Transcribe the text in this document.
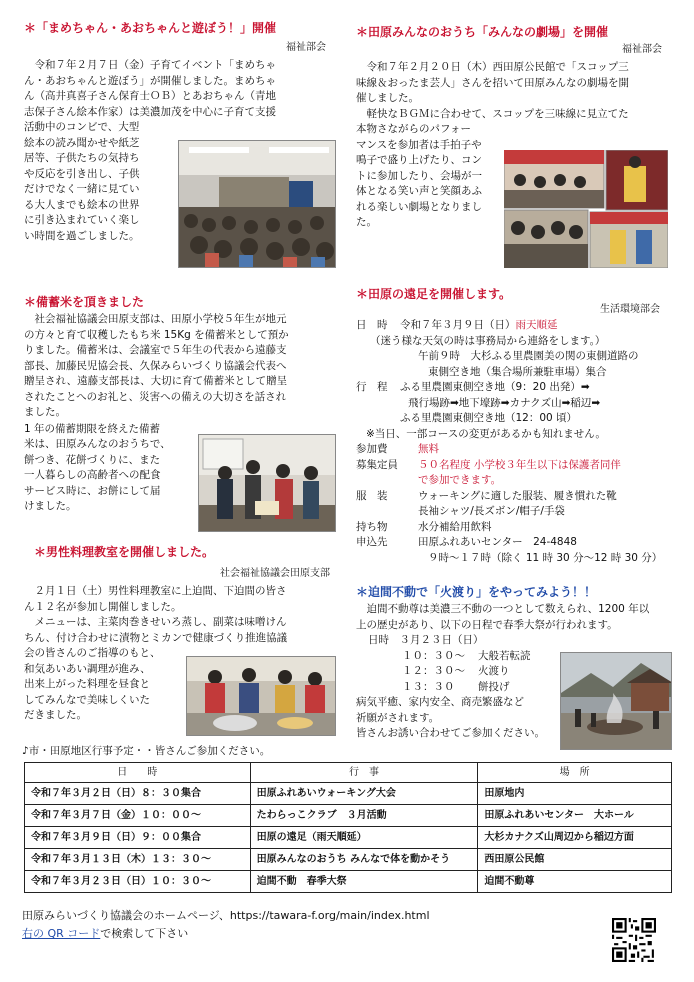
＊「まめちゃん・あおちゃんと遊ぼう！」開催
福祉部会
令和７年２月７日（金）子育てイベント「まめちゃ
ん・あおちゃんと遊ぼう」が開催しました。まめちゃ
ん（高井真喜子さん保育士ＯＢ）とあおちゃん（青地
志保子さん絵本作家）は美濃加茂を中心に子育て支援
活動中のコンビで、大型
絵本の読み聞かせや紙芝
居等、子供たちの気持ち
や反応を引き出し、子供
だけでなく一緒に見てい
る大人までも絵本の世界
に引き込まれていく楽し
い時間を過ごしました。
＊備蓄米を頂きました
社会福祉協議会田原支部は、田原小学校５年生が地元
の方々と育て収穫したもち米 15Kg を備蓄米として預か
りました。備蓄米は、会議室で５年生の代表から遠藤支
部長、加藤民児協会長、久保みらいづくり協議会代表へ
贈呈され、遠藤支部長は、大切に育て備蓄米として贈呈
されたことへのお礼と、災害への備えの大切さを話され
ました。
1 年の備蓄期限を終えた備蓄
米は、田原みんなのおうちで、
餅つき、花餅づくりに、また
一人暮らしの高齢者への配食
サービス時に、お餅にして届
けました。
＊男性料理教室を開催しました。
社会福祉協議会田原支部
２月１日（土）男性料理教室に上迫間、下迫間の皆さ
ん１２名が参加し開催しました。
メニューは、主菜肉巻きせいろ蒸し、副菜は味噌けん
ちん、付け合わせに漬物とミカンで健康づくり推進協議
会の皆さんのご指導のもと、
和気あいあい調理が進み、
出来上がった料理を昼食と
してみんなで美味しくいた
だきました。
＊田原みんなのおうち「みんなの劇場」を開催
福祉部会
令和７年２月２０日（木）西田原公民館で「スコップ三
味線＆おったま芸人」さんを招いて田原みんなの劇場を開
催しました。
軽快なＢＧＭに合わせて、スコップを三味線に見立てた
本物さながらのパフォー
マンスを参加者は手拍子や
鳴子で盛り上げたり、コン
トに参加したり、会場が一
体となる笑い声と笑顔あふ
れる楽しい劇場となりまし
た。
＊田原の遠足を開催します。
生活環境部会
日　時	令和７年３月９日（日） 雨天順延
（迷う様な天気の時は事務局から連絡をします。）
午前９時　大杉ふる里農園美の関の東側道路の
東側空き地（集合場所兼駐車場）集合
行　程	ふる里農園東側空き地（9：20 出発）➡
飛行場跡➡地下壕跡➡カナクズ山➡稲辺➡
ふる里農園東側空き地（12：00 頃）
※当日、一部コースの変更があるかも知れません。
参加費	無料
募集定員	５０名程度 小学校３年生以下は保護者同伴
で参加できます。
服　装	ウォーキングに適した服装、履き慣れた靴
長袖シャツ/長ズボン/帽子/手袋
持ち物	水分補給用飲料
申込先	田原ふれあいセンター　24-4848
９時～１７時（除く 11 時 30 分～12 時 30 分）
＊迫間不動で「火渡り」をやってみよう！！
迫間不動尊は美濃三不動の一つとして数えられ、1200 年以
上の歴史があり、以下の日程で春季大祭が行われます。
日時　３月２３日（日）
１０：３０～	大般若転読
１２：３０～	火渡り
１３：３０	餅投げ
病気平癒、家内安全、商売繁盛など
祈願がされます。
皆さんお誘い合わせてご参加ください。
♪市・田原地区行事予定・・皆さんご参加ください。
日　　時	行　事	場　所
令和７年３月２日（日）８：３０集合	田原ふれあいウォーキング大会	田原地内
令和７年３月７日（金）１０：００～	たわらっこクラブ　３月活動	田原ふれあいセンター　大ホール
令和７年３月９日（日）９：００集合	田原の遠足（雨天順延）	大杉カナクズ山周辺から稲辺方面
令和７年３月１３日（木）１３：３０～	田原みんなのおうち みんなで体を動かそう	西田原公民館
令和７年３月２３日（日）１０：３０～	迫間不動　春季大祭	迫間不動尊
田原みらいづくり協議会のホームページ、https://tawara-f.org/main/index.html
右の QR コードで検索して下さい
